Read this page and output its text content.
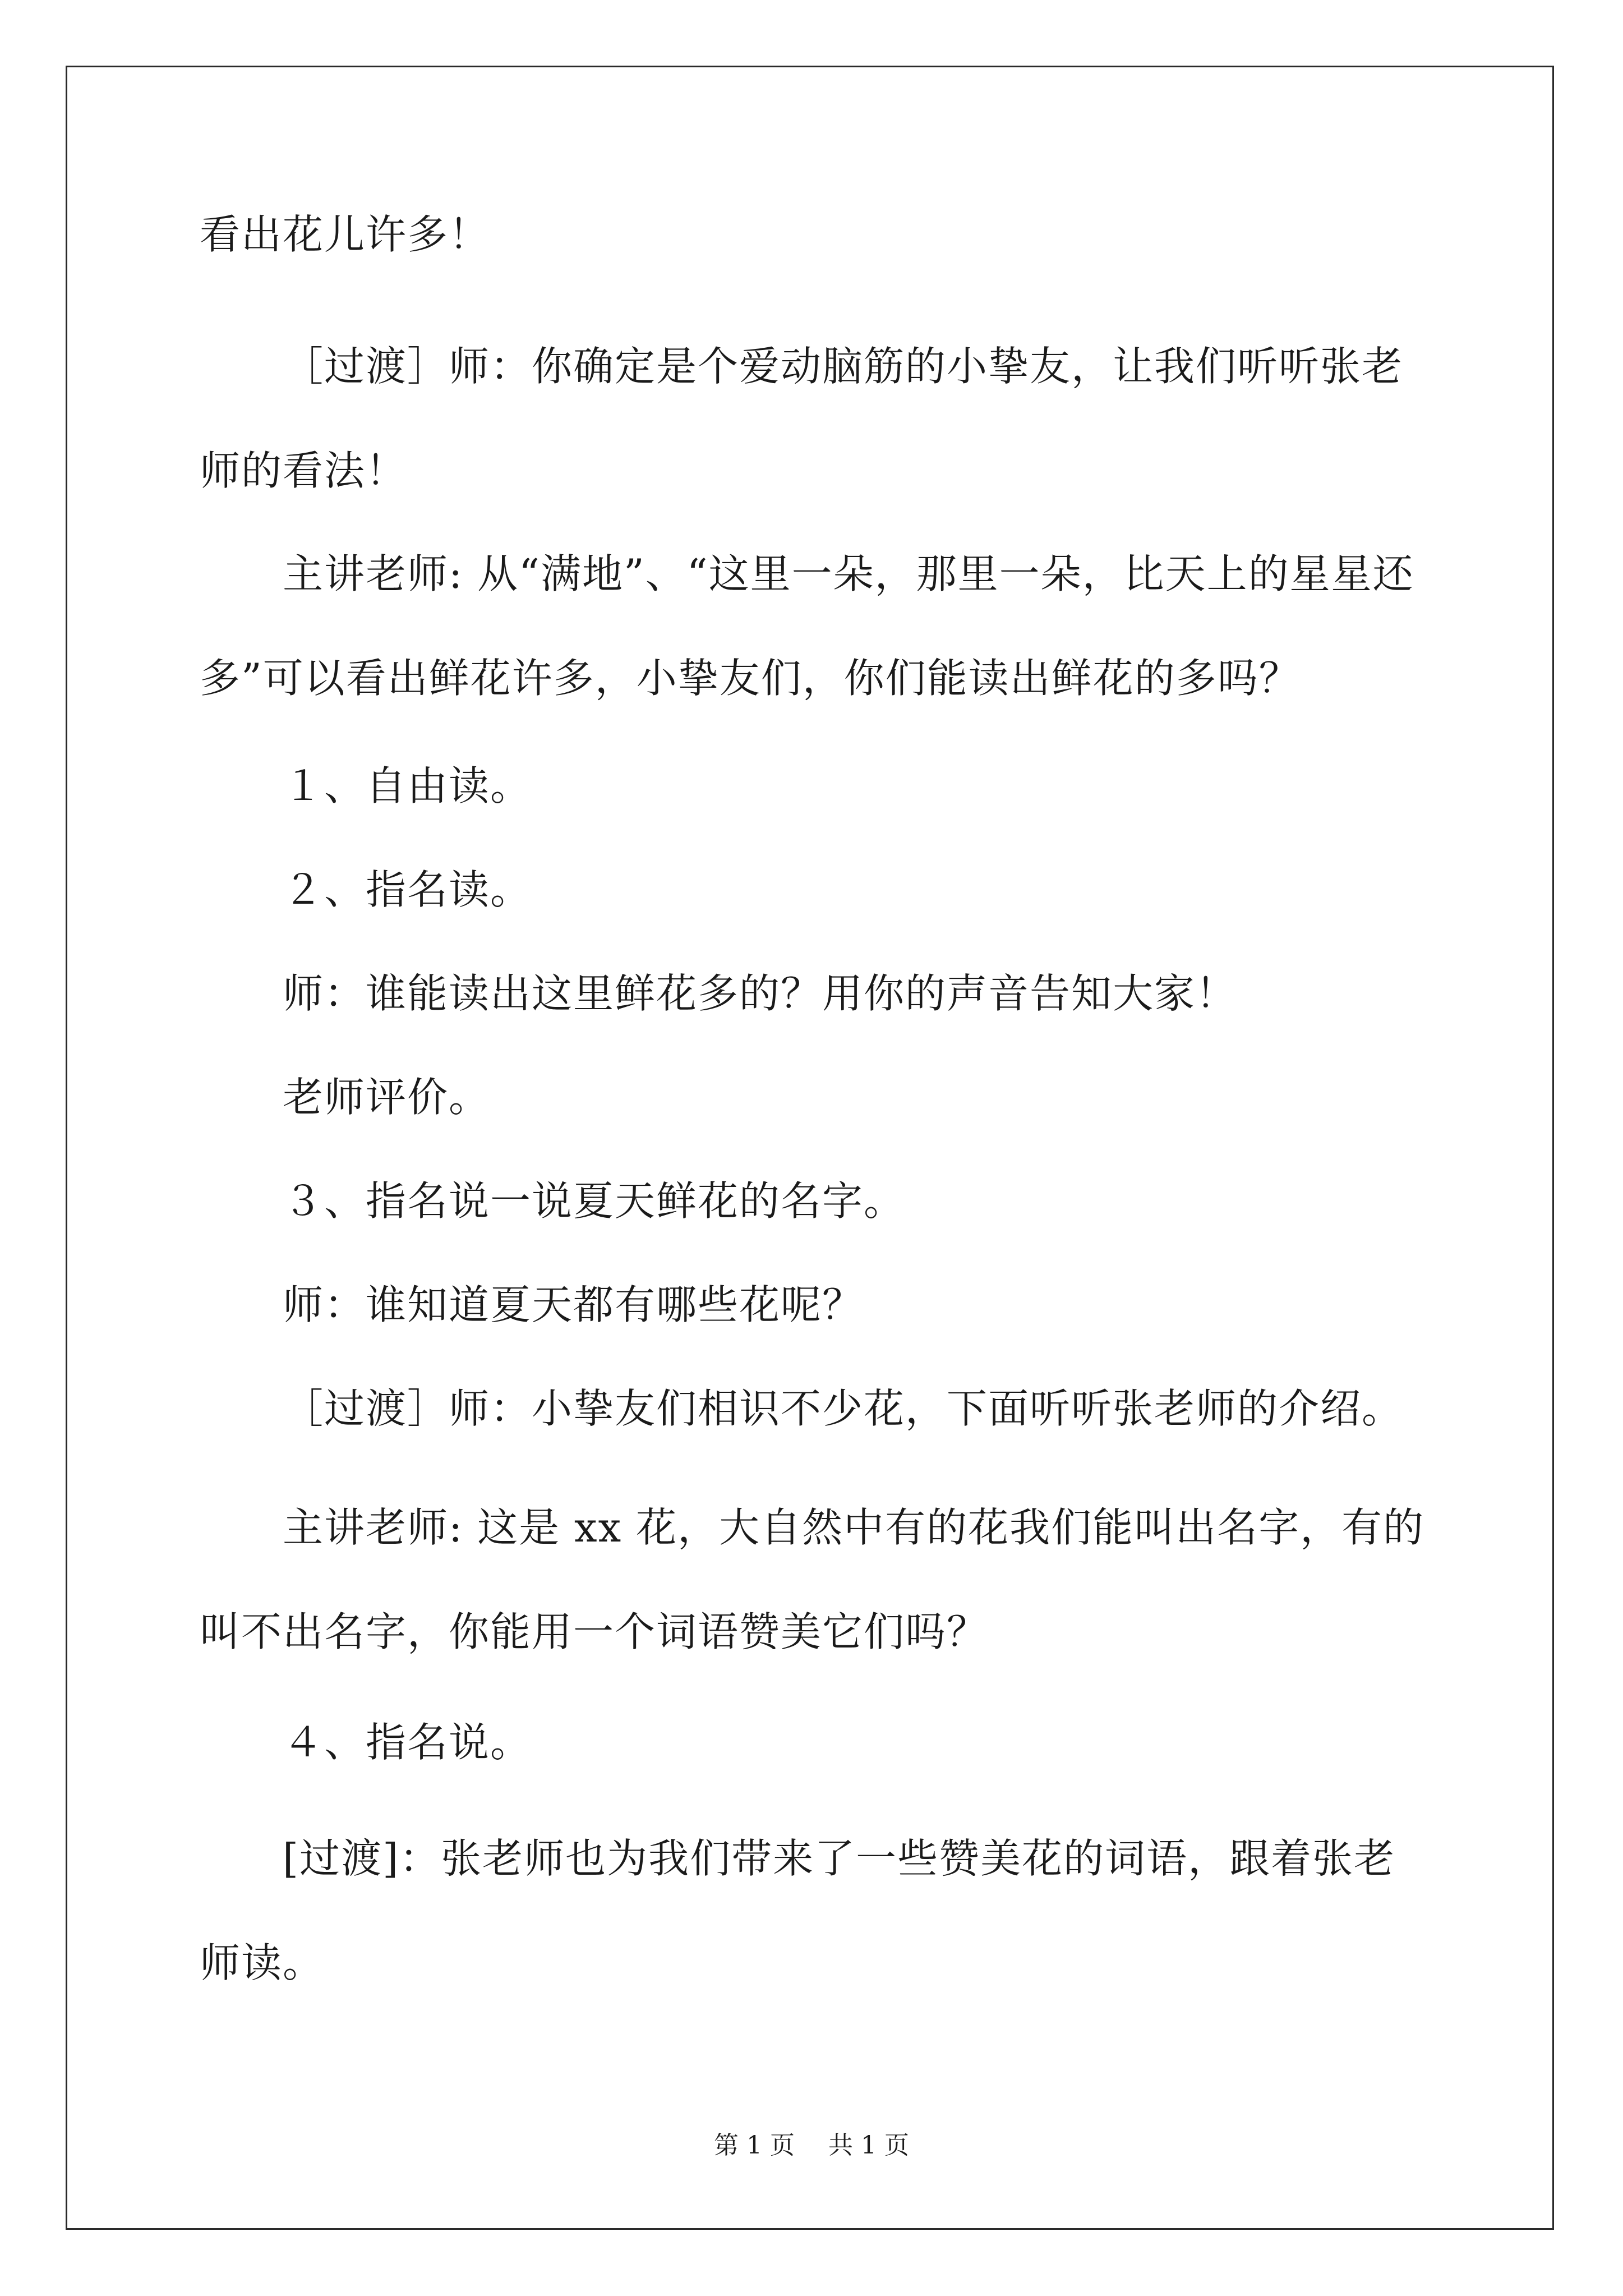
看出花儿许多！

［过渡］师：你确定是个爱动脑筋的小挚友，让我们听听张老师的看法！

主讲老师: 从“满地”、“这里一朵，那里一朵，比天上的星星还多”可以看出鲜花许多，小挚友们，你们能读出鲜花的多吗？

１、自由读。

２、指名读。

师：谁能读出这里鲜花多的？用你的声音告知大家！

老师评价。

３、指名说一说夏天鲜花的名字。

师：谁知道夏天都有哪些花呢？

［过渡］师：小挚友们相识不少花，下面听听张老师的介绍。

主讲老师: 这是 xx 花，大自然中有的花我们能叫出名字，有的叫不出名字，你能用一个词语赞美它们吗？

４、指名说。

[过渡]：张老师也为我们带来了一些赞美花的词语，跟着张老师读。

第 1 页 共 1 页
